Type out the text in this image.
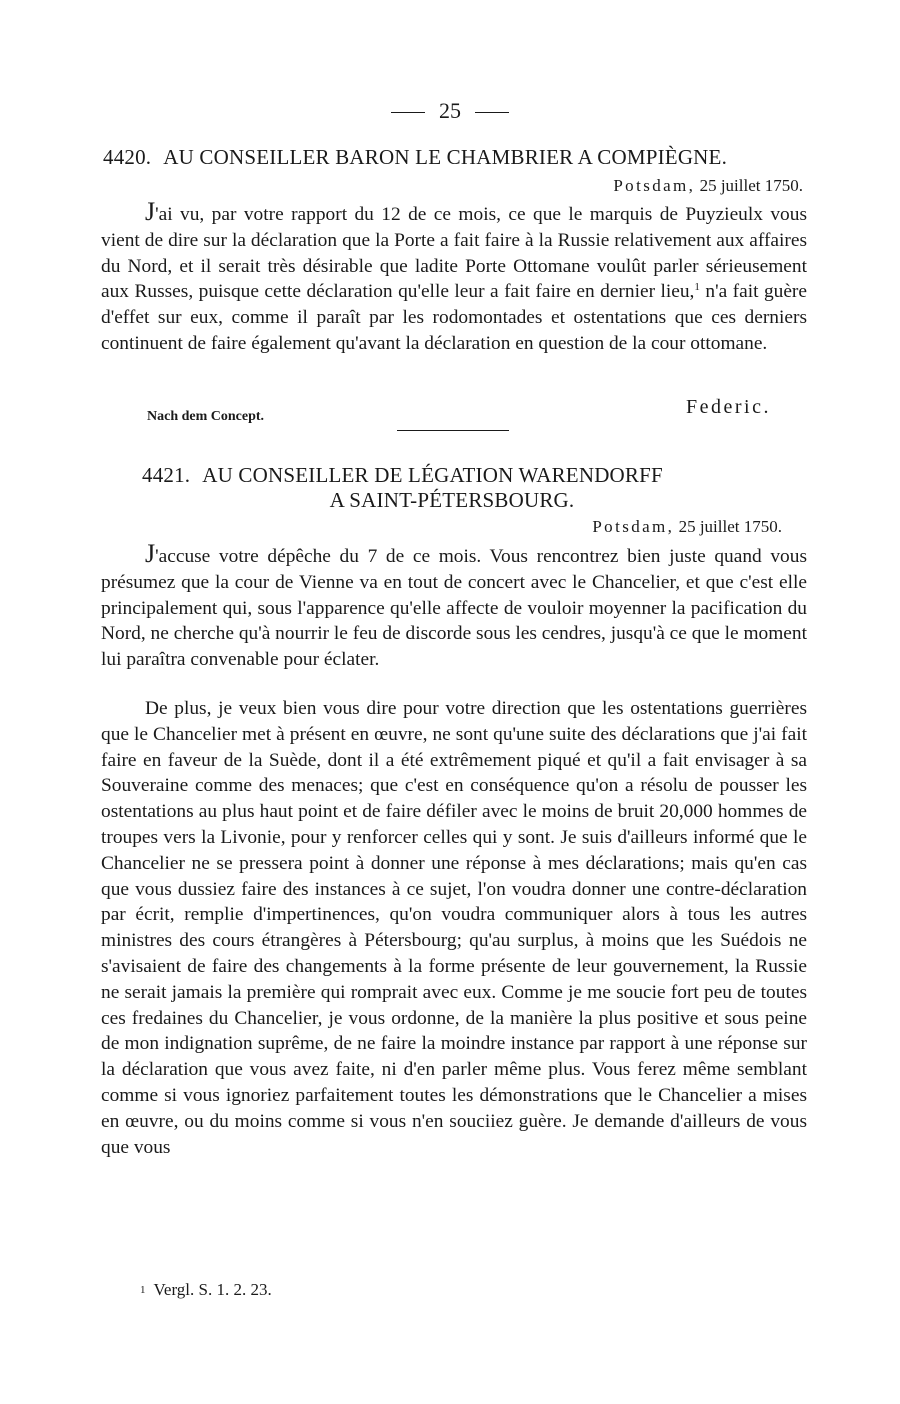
25
4420. AU CONSEILLER BARON LE CHAMBRIER A COMPIÈGNE.
Potsdam, 25 juillet 1750.

J'ai vu, par votre rapport du 12 de ce mois, ce que le marquis de Puyzieulx vous vient de dire sur la déclaration que la Porte a fait faire à la Russie relativement aux affaires du Nord, et il serait très désirable que ladite Porte Ottomane voulût parler sérieusement aux Russes, puisque cette déclaration qu'elle leur a fait faire en dernier lieu,$^1$ n'a fait guère d'effet sur eux, comme il paraît par les rodomontades et ostentations que ces derniers continuent de faire également qu'avant la déclaration en question de la cour ottomane.

Nach dem Concept.	Federic.
4421. AU CONSEILLER DE LÉGATION WARENDORFF
A SAINT-PÉTERSBOURG.
Potsdam, 25 juillet 1750.

J'accuse votre dépêche du 7 de ce mois. Vous rencontrez bien juste quand vous présumez que la cour de Vienne va en tout de concert avec le Chancelier, et que c'est elle principalement qui, sous l'apparence qu'elle affecte de vouloir moyenner la pacification du Nord, ne cherche qu'à nourrir le feu de discorde sous les cendres, jusqu'à ce que le moment lui paraîtra convenable pour éclater.

De plus, je veux bien vous dire pour votre direction que les ostentations guerrières que le Chancelier met à présent en œuvre, ne sont qu'une suite des déclarations que j'ai fait faire en faveur de la Suède, dont il a été extrêmement piqué et qu'il a fait envisager à sa Souveraine comme des menaces; que c'est en conséquence qu'on a résolu de pousser les ostentations au plus haut point et de faire défiler avec le moins de bruit 20,000 hommes de troupes vers la Livonie, pour y renforcer celles qui y sont. Je suis d'ailleurs informé que le Chancelier ne se pressera point à donner une réponse à mes déclarations; mais qu'en cas que vous dussiez faire des instances à ce sujet, l'on voudra donner une contre-déclaration par écrit, remplie d'impertinences, qu'on voudra communiquer alors à tous les autres ministres des cours étrangères à Pétersbourg; qu'au surplus, à moins que les Suédois ne s'avisaient de faire des changements à la forme présente de leur gouvernement, la Russie ne serait jamais la première qui romprait avec eux. Comme je me soucie fort peu de toutes ces fredaines du Chancelier, je vous ordonne, de la manière la plus positive et sous peine de mon indignation suprême, de ne faire la moindre instance par rapport à une réponse sur la déclaration que vous avez faite, ni d'en parler même plus. Vous ferez même semblant comme si vous ignoriez parfaitement toutes les démonstrations que le Chancelier a mises en œuvre, ou du moins comme si vous n'en souciiez guère. Je demande d'ailleurs de vous que vous

1 Vergl. S. 1. 2. 23.
